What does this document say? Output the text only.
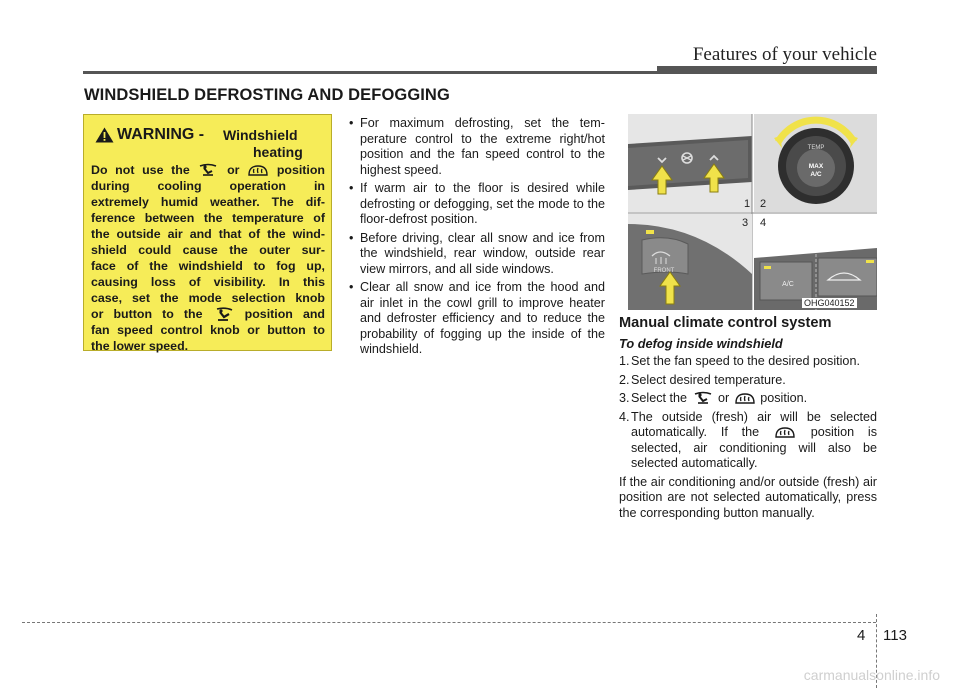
Features of your vehicle
WINDSHIELD DEFROSTING AND DEFOGGING
WARNING - Windshield
heating
Do not use the	or	position
during cooling operation in
extremely humid weather. The dif-
ference between the temperature of
the outside air and that of the wind-
shield could cause the outer sur-
face of the windshield to fog up,
causing loss of visibility. In this
case, set the mode selection knob
or button to the	position and
fan speed control knob or button to
the lower speed.
• For maximum defrosting, set the temperature control to the extreme right/hot position and the fan speed control to the highest speed.
• If warm air to the floor is desired while defrosting or defogging, set the mode to the floor-defrost position.
• Before driving, clear all snow and ice from the windshield, rear window, outside rear view mirrors, and all side windows.
• Clear all snow and ice from the hood and air inlet in the cowl grill to improve heater and defroster efficiency and to reduce the probability of fogging up the inside of the windshield.
TEMP
MAX
A/C
FRONT
A/C
1 2
3 4
OHG040152
Manual climate control system
To defog inside windshield
1. Set the fan speed to the desired position.
2. Select desired temperature.
3. Select the or position.
4. The outside (fresh) air will be selected automatically. If the	position is selected, air conditioning will also be selected automatically.
If the air conditioning and/or outside (fresh) air position are not selected automatically, press the corresponding button manually.
4 113
carmanualsonline.info
